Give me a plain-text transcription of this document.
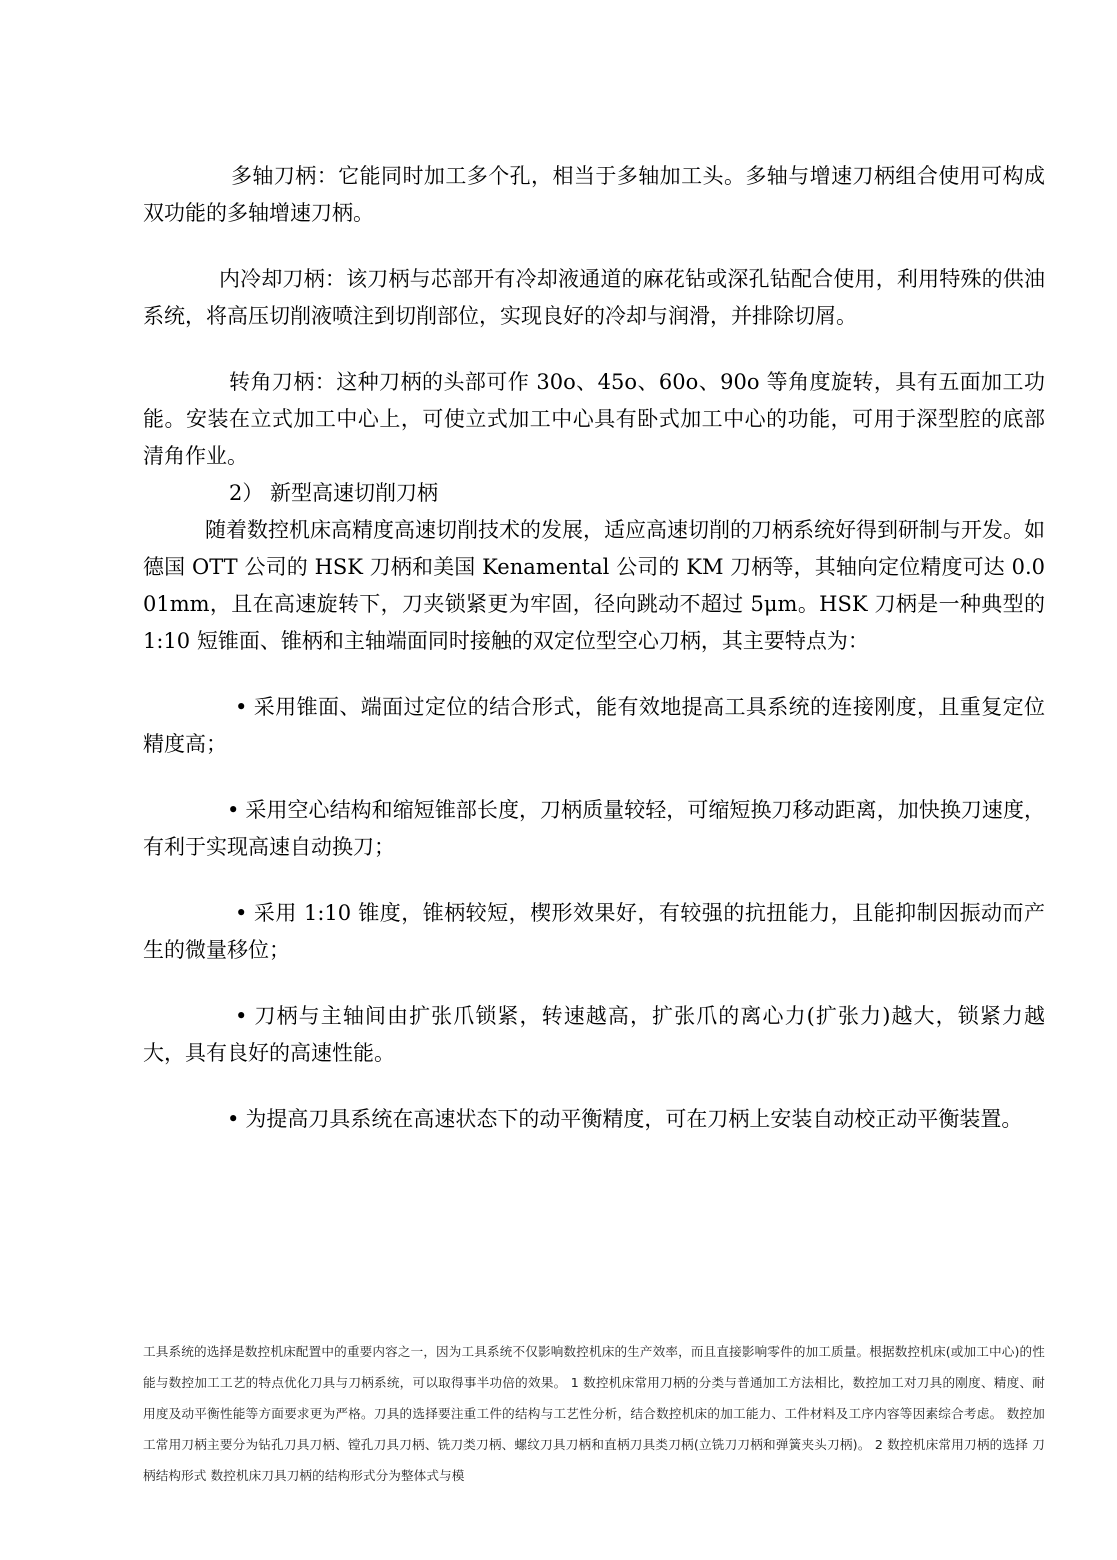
多轴刀柄：它能同时加工多个孔，相当于多轴加工头。多轴与增速刀柄组合使用可构成双功能的多轴增速刀柄。

内冷却刀柄：该刀柄与芯部开有冷却液通道的麻花钻或深孔钻配合使用，利用特殊的供油系统，将高压切削液喷注到切削部位，实现良好的冷却与润滑，并排除切屑。

转角刀柄：这种刀柄的头部可作 30o、45o、60o、90o 等角度旋转，具有五面加工功能。安装在立式加工中心上，可使立式加工中心具有卧式加工中心的功能，可用于深型腔的底部清角作业。

2） 新型高速切削刀柄

随着数控机床高精度高速切削技术的发展，适应高速切削的刀柄系统好得到研制与开发。如德国 OTT 公司的 HSK 刀柄和美国 Kenamental 公司的 KM 刀柄等，其轴向定位精度可达 0.001mm，且在高速旋转下，刀夹锁紧更为牢固，径向跳动不超过 5μm。HSK 刀柄是一种典型的 1:10 短锥面、锥柄和主轴端面同时接触的双定位型空心刀柄，其主要特点为：

• 采用锥面、端面过定位的结合形式，能有效地提高工具系统的连接刚度，且重复定位精度高；

• 采用空心结构和缩短锥部长度，刀柄质量较轻，可缩短换刀移动距离，加快换刀速度，有利于实现高速自动换刀；

• 采用 1:10 锥度，锥柄较短，楔形效果好，有较强的抗扭能力，且能抑制因振动而产生的微量移位；

• 刀柄与主轴间由扩张爪锁紧，转速越高，扩张爪的离心力(扩张力)越大，锁紧力越大，具有良好的高速性能。

• 为提高刀具系统在高速状态下的动平衡精度，可在刀柄上安装自动校正动平衡装置。

工具系统的选择是数控机床配置中的重要内容之一，因为工具系统不仅影响数控机床的生产效率，而且直接影响零件的加工质量。根据数控机床(或加工中心)的性能与数控加工工艺的特点优化刀具与刀柄系统，可以取得事半功倍的效果。 1 数控机床常用刀柄的分类与普通加工方法相比，数控加工对刀具的刚度、精度、耐用度及动平衡性能等方面要求更为严格。刀具的选择要注重工件的结构与工艺性分析，结合数控机床的加工能力、工件材料及工序内容等因素综合考虑。 数控加工常用刀柄主要分为钻孔刀具刀柄、镗孔刀具刀柄、铣刀类刀柄、螺纹刀具刀柄和直柄刀具类刀柄(立铣刀刀柄和弹簧夹头刀柄)。 2 数控机床常用刀柄的选择 刀柄结构形式 数控机床刀具刀柄的结构形式分为整体式与模
